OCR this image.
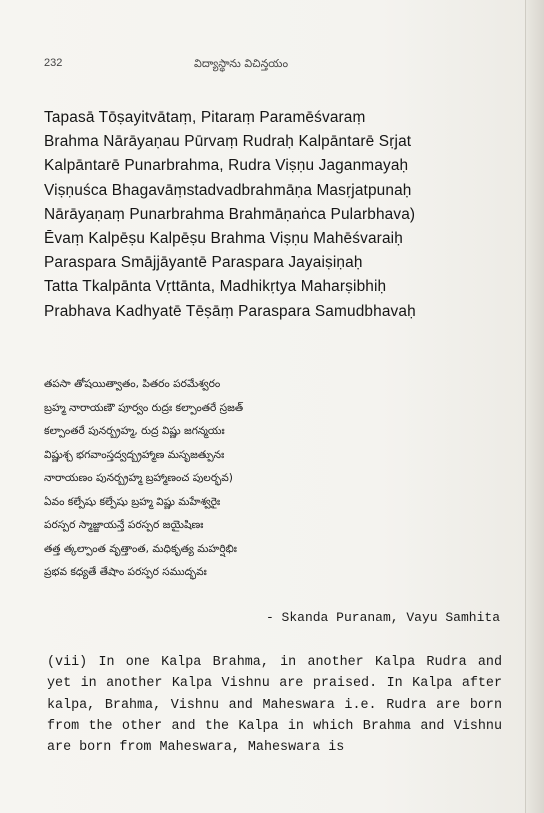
232	విద్యాస్థాను విచిన్తయం
Tapasā Tōṣayitvātaṃ, Pitaraṃ Paramēśvaraṃ
Brahma Nārāyaṇau Pūrvaṃ Rudraḥ Kalpāntarē Sṛjat
Kalpāntarē Punarbrahma, Rudra Viṣṇu Jaganmayaḥ
Viṣṇuśca Bhagavāṃstadvadbrahmāṇa Masṛjatpunaḥ
Nārāyaṇaṃ Punarbrahma Brahmāṇaṅca Pularbhava)
Ēvaṃ Kalpēṣu Kalpēṣu Brahma Viṣṇu Mahēśvaraiḥ
Paraspara Smājjāyantē Paraspara Jayaiṣiṇaḥ
Tatta Tkalpānta Vṛttānta, Madhikṛtya Maharṣibhiḥ
Prabhava Kadhyatē Tēṣāṃ Paraspara Samudbhavaḥ
తపసా తోషయిత్వాతం, పితరం పరమేశ్వరం
బ్రహ్మ నారాయణౌ పూర్వం రుద్రః కల్పాంతరే స్రజత్
కల్పాంతరే పునర్బ్రహ్మ, రుద్ర విష్ణు జగన్మయః
విష్ణుశ్చ భగవాంస్తద్వద్బ్రహ్మాణ మసృజత్పునః
నారాయణం పునర్బ్రహ్మ బ్రహ్మాణంచ పులర్భవ)
ఏవం కల్పేషు కల్పేషు బ్రహ్మ విష్ణు మహేశ్వరైః
పరస్పర స్మాజ్జాయన్తే పరస్పర జయైషిణః
తత్త త్కల్పాంత వృత్తాంత, మధికృత్య మహర్షిభిః
ప్రభవ కధ్యతే తేషాం పరస్పర సముద్భవః
- Skanda Puranam, Vayu Samhita
(vii) In one Kalpa Brahma, in another Kalpa Rudra and yet in another Kalpa Vishnu are praised. In Kalpa after kalpa, Brahma, Vishnu and Maheswara i.e. Rudra are born from the other and the Kalpa in which Brahma and Vishnu are born from Maheswara, Maheswara is
